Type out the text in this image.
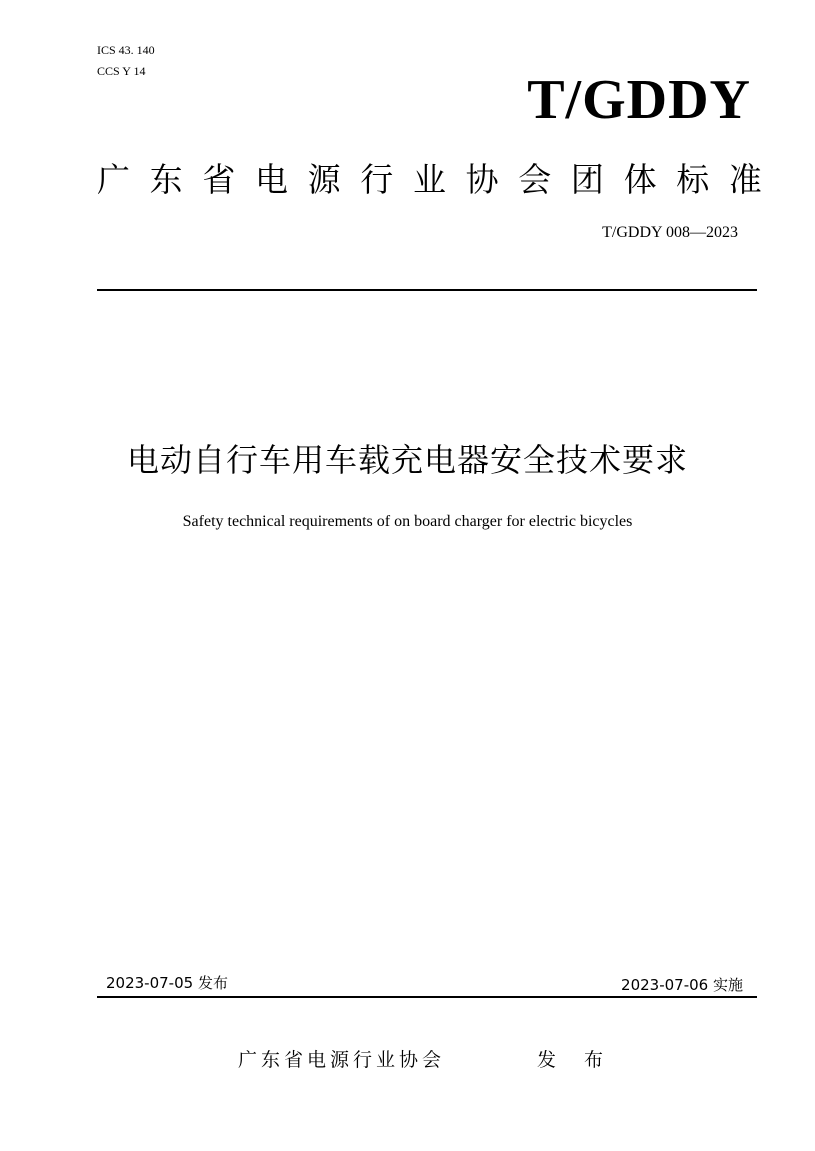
ICS 43. 140
CCS Y 14	T/GDDY
广 东 省 电 源 行 业 协 会 团 体 标 准
T/GDDY 008—2023
电动自行车用车载充电器安全技术要求
Safety technical requirements of on board charger for electric bicycles
2023-07-05 发布	2023-07-06 实施
广东省电源行业协会	发 布
